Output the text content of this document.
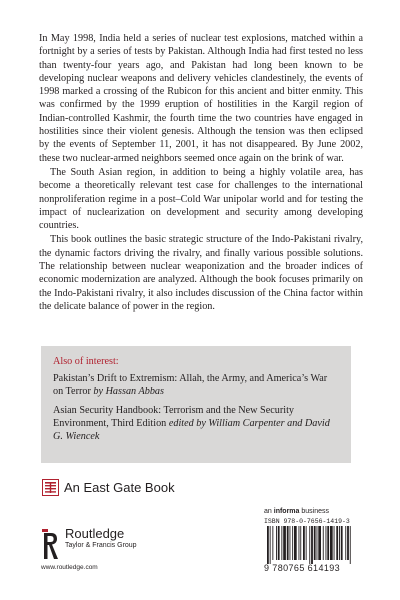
In May 1998, India held a series of nuclear test explosions, matched within a fortnight by a series of tests by Pakistan. Although India had first tested no less than twenty-four years ago, and Pakistan had long been known to be developing nuclear weapons and delivery vehicles clandestinely, the events of 1998 marked a crossing of the Rubicon for this ancient and bitter enmity. This was confirmed by the 1999 eruption of hostilities in the Kargil region of Indian-controlled Kashmir, the fourth time the two countries have engaged in hostilities since their violent genesis. Although the tension was then eclipsed by the events of September 11, 2001, it has not disappeared. By June 2002, these two nuclear-armed neighbors seemed once again on the brink of war.

The South Asian region, in addition to being a highly volatile area, has become a theoretically relevant test case for challenges to the international nonproliferation regime in a post–Cold War unipolar world and for testing the impact of nuclearization on development and security among developing countries.

This book outlines the basic strategic structure of the Indo-Pakistani rivalry, the dynamic factors driving the rivalry, and finally various possible solutions. The relationship between nuclear weaponization and the broader indices of economic modernization are analyzed. Although the book focuses primarily on the Indo-Pakistani rivalry, it also includes discussion of the China factor within the delicate balance of power in the region.

Also of interest:
Pakistan’s Drift to Extremism: Allah, the Army, and America’s War on Terror by Hassan Abbas
Asian Security Handbook: Terrorism and the New Security Environment, Third Edition edited by William Carpenter and David G. Wiencek
An East Gate Book
an informa business
Routledge
Taylor & Francis Group
www.routledge.com
ISBN 978-0-7656-1419-3
9 780765 614193
